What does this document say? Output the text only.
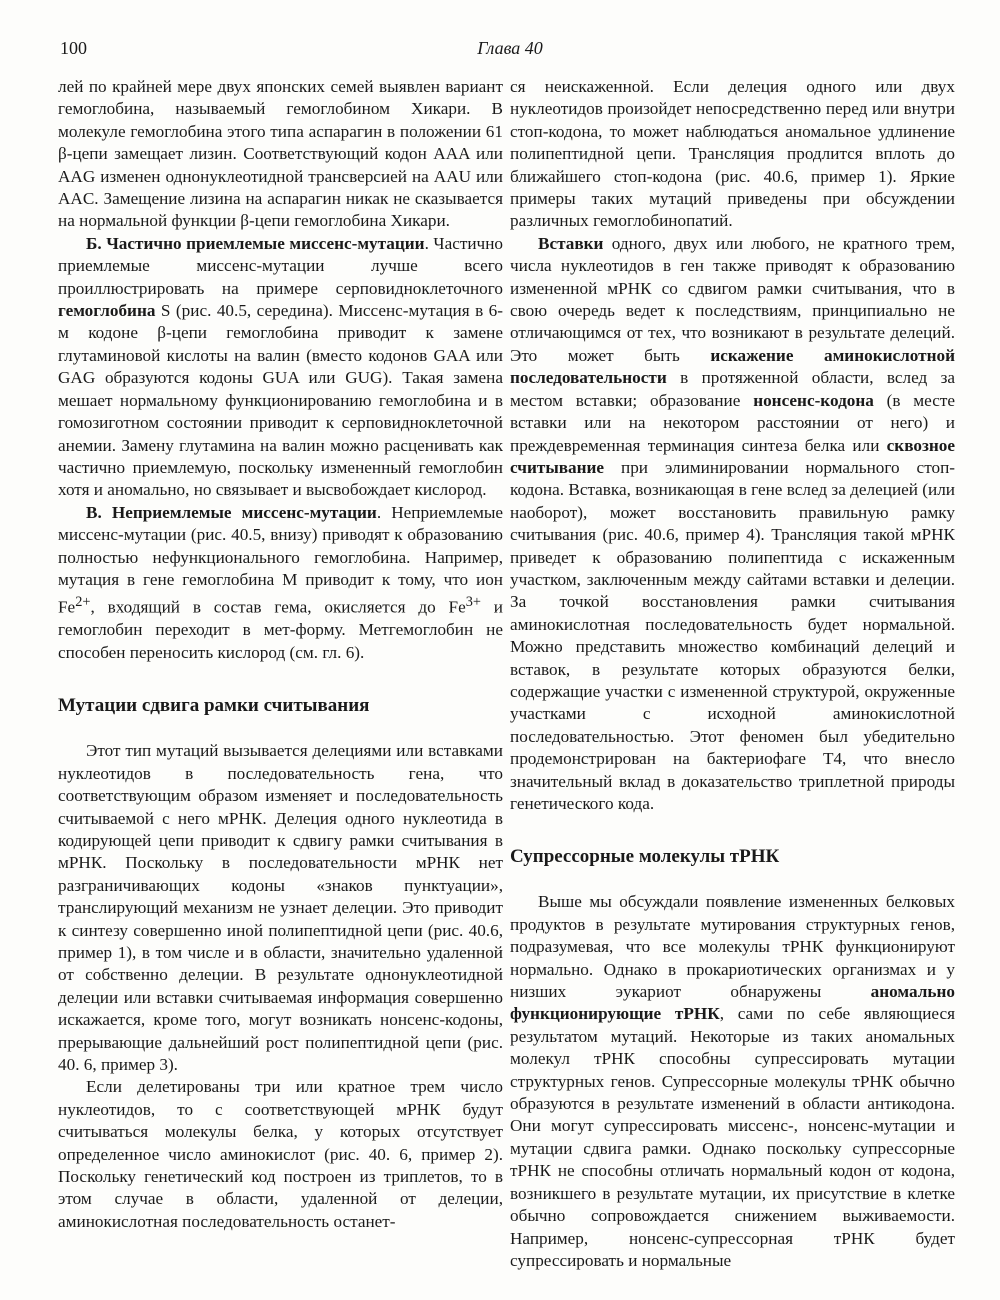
100	Глава 40

лей по крайней мере двух японских семей выявлен вариант гемоглобина, называемый гемоглобином Хикари. В молекуле гемоглобина этого типа аспарагин в положении 61 β-цепи замещает лизин. Соответствующий кодон AAA или AAG изменен однонуклеотидной трансверсией на AAU или AAC. Замещение лизина на аспарагин никак не сказывается на нормальной функции β-цепи гемоглобина Хикари.

Б. Частично приемлемые миссенс-мутации. Частично приемлемые миссенс-мутации лучше всего проиллюстрировать на примере серповидноклеточного гемоглобина S (рис. 40.5, середина). Миссенс-мутация в 6-м кодоне β-цепи гемоглобина приводит к замене глутаминовой кислоты на валин (вместо кодонов GAA или GAG образуются кодоны GUA или GUG). Такая замена мешает нормальному функционированию гемоглобина и в гомозиготном состоянии приводит к серповидноклеточной анемии. Замену глутамина на валин можно расценивать как частично приемлемую, поскольку измененный гемоглобин хотя и аномально, но связывает и высвобождает кислород.

В. Неприемлемые миссенс-мутации. Неприемлемые миссенс-мутации (рис. 40.5, внизу) приводят к образованию полностью нефункционального гемоглобина. Например, мутация в гене гемоглобина М приводит к тому, что ион $Fe^{2+}$, входящий в состав гема, окисляется до $Fe^{3+}$ и гемоглобин переходит в мет-форму. Метгемоглобин не способен переносить кислород (см. гл. 6).

Мутации сдвига рамки считывания

Этот тип мутаций вызывается делециями или вставками нуклеотидов в последовательность гена, что соответствующим образом изменяет и последовательность считываемой с него мРНК. Делеция одного нуклеотида в кодирующей цепи приводит к сдвигу рамки считывания в мРНК. Поскольку в последовательности мРНК нет разграничивающих кодоны «знаков пунктуации», транслирующий механизм не узнает делеции. Это приводит к синтезу совершенно иной полипептидной цепи (рис. 40.6, пример 1), в том числе и в области, значительно удаленной от собственно делеции. В результате однонуклеотидной делеции или вставки считываемая информация совершенно искажается, кроме того, могут возникать нонсенс-кодоны, прерывающие дальнейший рост полипептидной цепи (рис. 40. 6, пример 3).

Если делетированы три или кратное трем число нуклеотидов, то с соответствующей мРНК будут считываться молекулы белка, у которых отсутствует определенное число аминокислот (рис. 40. 6, пример 2). Поскольку генетический код построен из триплетов, то в этом случае в области, удаленной от делеции, аминокислотная последовательность останет-

ся неискаженной. Если делеция одного или двух нуклеотидов произойдет непосредственно перед или внутри стоп-кодона, то может наблюдаться аномальное удлинение полипептидной цепи. Трансляция продлится вплоть до ближайшего стоп-кодона (рис. 40.6, пример 1). Яркие примеры таких мутаций приведены при обсуждении различных гемоглобинопатий.

Вставки одного, двух или любого, не кратного трем, числа нуклеотидов в ген также приводят к образованию измененной мРНК со сдвигом рамки считывания, что в свою очередь ведет к последствиям, принципиально не отличающимся от тех, что возникают в результате делеций. Это может быть искажение аминокислотной последовательности в протяженной области, вслед за местом вставки; образование нонсенс-кодона (в месте вставки или на некотором расстоянии от него) и преждевременная терминация синтеза белка или сквозное считывание при элиминировании нормального стоп-кодона. Вставка, возникающая в гене вслед за делецией (или наоборот), может восстановить правильную рамку считывания (рис. 40.6, пример 4). Трансляция такой мРНК приведет к образованию полипептида с искаженным участком, заключенным между сайтами вставки и делеции. За точкой восстановления рамки считывания аминокислотная последовательность будет нормальной. Можно представить множество комбинаций делеций и вставок, в результате которых образуются белки, содержащие участки с измененной структурой, окруженные участками с исходной аминокислотной последовательностью. Этот феномен был убедительно продемонстрирован на бактериофаге Т4, что внесло значительный вклад в доказательство триплетной природы генетического кода.

Супрессорные молекулы тРНК

Выше мы обсуждали появление измененных белковых продуктов в результате мутирования структурных генов, подразумевая, что все молекулы тРНК функционируют нормально. Однако в прокариотических организмах и у низших эукариот обнаружены аномально функционирующие тРНК, сами по себе являющиеся результатом мутаций. Некоторые из таких аномальных молекул тРНК способны супрессировать мутации структурных генов. Супрессорные молекулы тРНК обычно образуются в результате изменений в области антикодона. Они могут супрессировать миссенс-, нонсенс-мутации и мутации сдвига рамки. Однако поскольку супрессорные тРНК не способны отличать нормальный кодон от кодона, возникшего в результате мутации, их присутствие в клетке обычно сопровождается снижением выживаемости. Например, нонсенс-супрессорная тРНК будет супрессировать и нормальные
